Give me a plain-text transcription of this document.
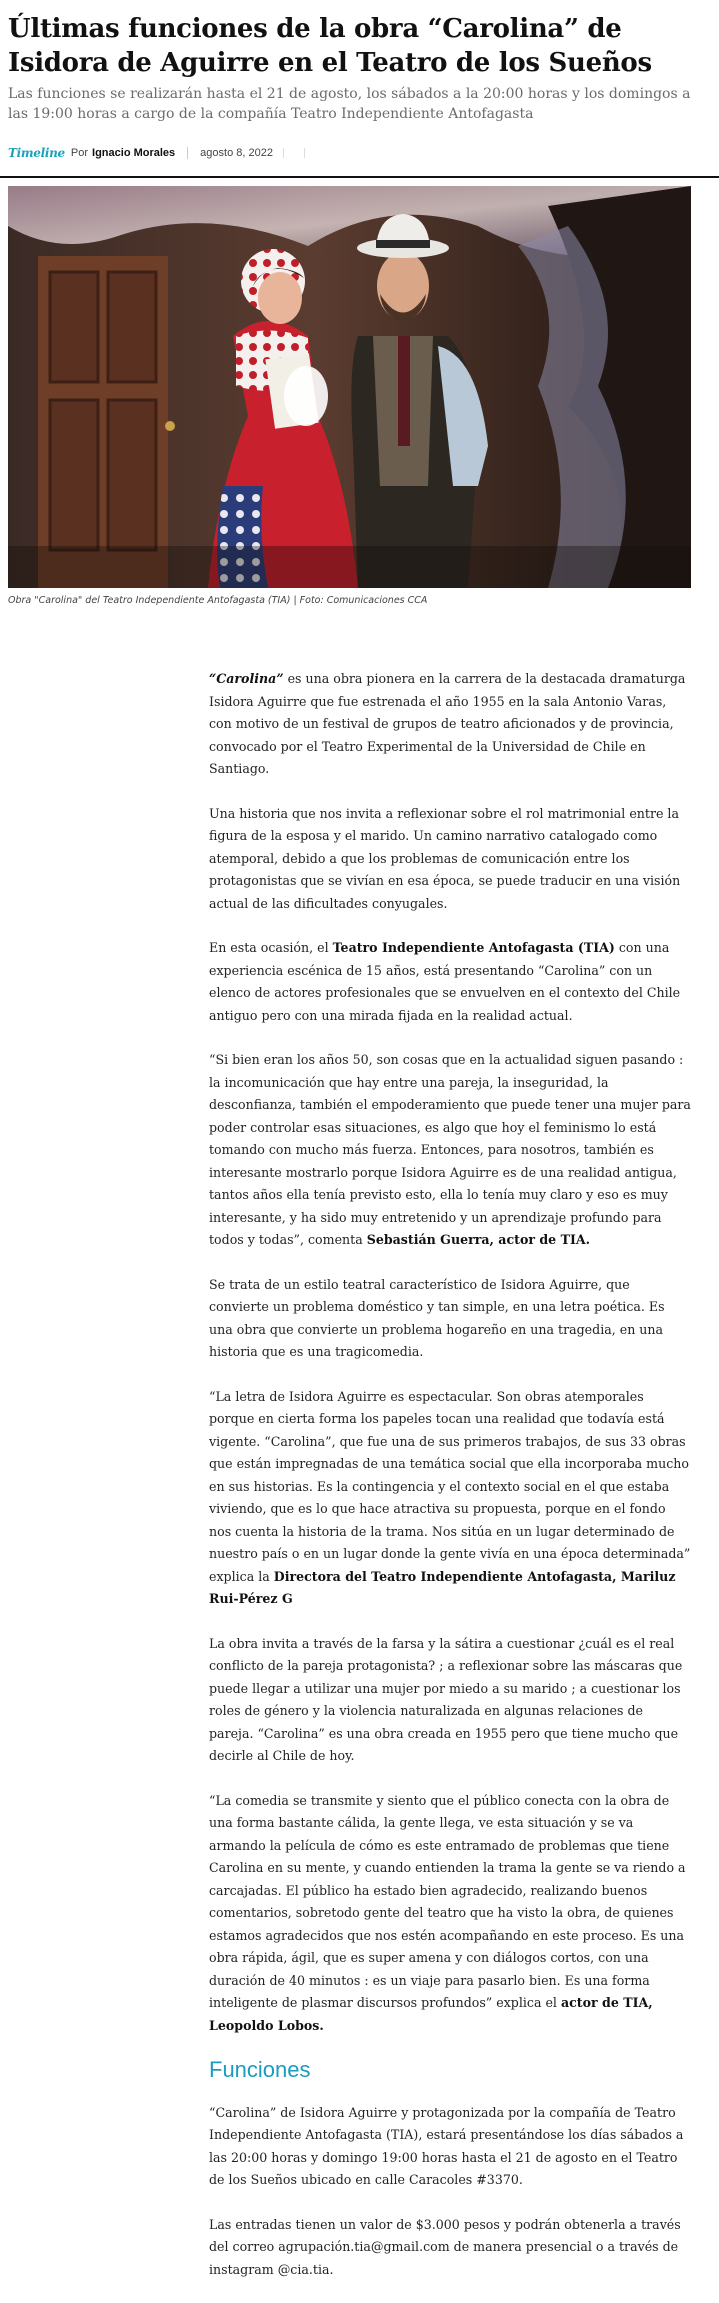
Últimas funciones de la obra “Carolina” de Isidora de Aguirre en el Teatro de los Sueños

Las funciones se realizarán hasta el 21 de agosto, los sábados a la 20:00 horas y los domingos a las 19:00 horas a cargo de la compañía Teatro Independiente Antofagasta

Timeline Por Ignacio Morales agosto 8, 2022
Obra "Carolina" del Teatro Independiente Antofagasta (TIA) | Foto: Comunicaciones CCA

“Carolina” es una obra pionera en la carrera de la destacada dramaturga Isidora Aguirre que fue estrenada el año 1955 en la sala Antonio Varas, con motivo de un festival de grupos de teatro aficionados y de provincia, convocado por el Teatro Experimental de la Universidad de Chile en Santiago.

Una historia que nos invita a reflexionar sobre el rol matrimonial entre la figura de la esposa y el marido. Un camino narrativo catalogado como atemporal, debido a que los problemas de comunicación entre los protagonistas que se vivían en esa época, se puede traducir en una visión actual de las dificultades conyugales.

En esta ocasión, el Teatro Independiente Antofagasta (TIA) con una experiencia escénica de 15 años, está presentando “Carolina” con un elenco de actores profesionales que se envuelven en el contexto del Chile antiguo pero con una mirada fijada en la realidad actual.

“Si bien eran los años 50, son cosas que en la actualidad siguen pasando : la incomunicación que hay entre una pareja, la inseguridad, la desconfianza, también el empoderamiento que puede tener una mujer para poder controlar esas situaciones, es algo que hoy el feminismo lo está tomando con mucho más fuerza. Entonces, para nosotros, también es interesante mostrarlo porque Isidora Aguirre es de una realidad antigua, tantos años ella tenía previsto esto, ella lo tenía muy claro y eso es muy interesante, y ha sido muy entretenido y un aprendizaje profundo para todos y todas”, comenta Sebastián Guerra, actor de TIA.

Se trata de un estilo teatral característico de Isidora Aguirre, que convierte un problema doméstico y tan simple, en una letra poética. Es una obra que convierte un problema hogareño en una tragedia, en una historia que es una tragicomedia.

“La letra de Isidora Aguirre es espectacular. Son obras atemporales porque en cierta forma los papeles tocan una realidad que todavía está vigente. “Carolina”, que fue una de sus primeros trabajos, de sus 33 obras que están impregnadas de una temática social que ella incorporaba mucho en sus historias. Es la contingencia y el contexto social en el que estaba viviendo, que es lo que hace atractiva su propuesta, porque en el fondo nos cuenta la historia de la trama. Nos sitúa en un lugar determinado de nuestro país o en un lugar donde la gente vivía en una época determinada” explica la Directora del Teatro Independiente Antofagasta, Mariluz Rui-Pérez G

La obra invita a través de la farsa y la sátira a cuestionar ¿cuál es el real conflicto de la pareja protagonista? ; a reflexionar sobre las máscaras que puede llegar a utilizar una mujer por miedo a su marido ; a cuestionar los roles de género y la violencia naturalizada en algunas relaciones de pareja. “Carolina” es una obra creada en 1955 pero que tiene mucho que decirle al Chile de hoy.

“La comedia se transmite y siento que el público conecta con la obra de una forma bastante cálida, la gente llega, ve esta situación y se va armando la película de cómo es este entramado de problemas que tiene Carolina en su mente, y cuando entienden la trama la gente se va riendo a carcajadas. El público ha estado bien agradecido, realizando buenos comentarios, sobretodo gente del teatro que ha visto la obra, de quienes estamos agradecidos que nos estén acompañando en este proceso. Es una obra rápida, ágil, que es super amena y con diálogos cortos, con una duración de 40 minutos : es un viaje para pasarlo bien. Es una forma inteligente de plasmar discursos profundos” explica el actor de TIA, Leopoldo Lobos.

Funciones

“Carolina” de Isidora Aguirre y protagonizada por la compañía de Teatro Independiente Antofagasta (TIA), estará presentándose los días sábados a las 20:00 horas y domingo 19:00 horas hasta el 21 de agosto en el Teatro de los Sueños ubicado en calle Caracoles #3370.

Las entradas tienen un valor de $3.000 pesos y podrán obtenerla a través del correo agrupación.tia@gmail.com de manera presencial o a través de instagram @cia.tia.
